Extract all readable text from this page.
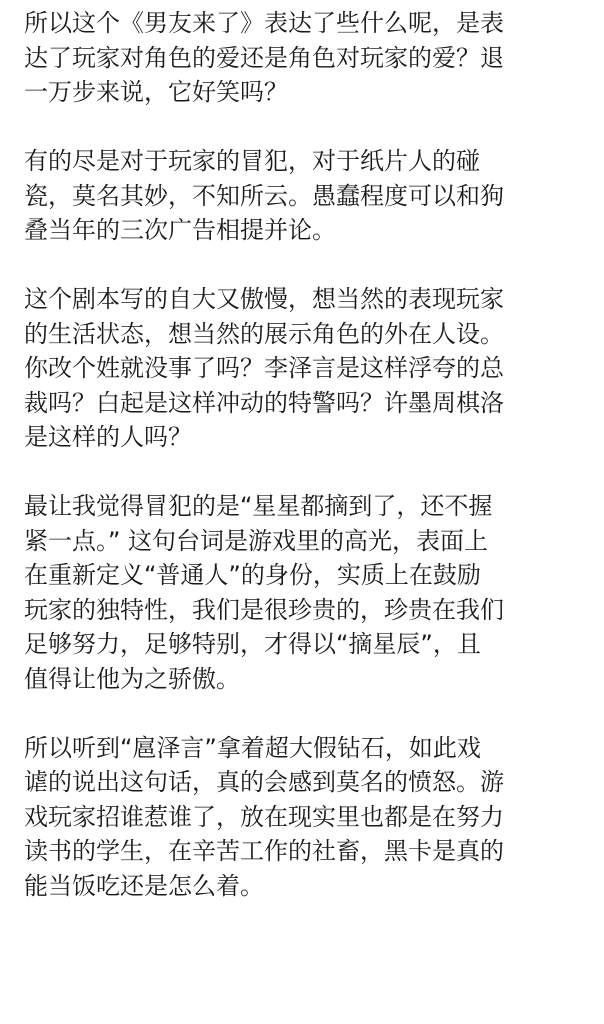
所以这个《男友来了》表达了些什么呢，是表
达了玩家对角色的爱还是角色对玩家的爱？退
一万步来说，它好笑吗？
有的尽是对于玩家的冒犯，对于纸片人的碰
瓷，莫名其妙，不知所云。愚蠢程度可以和狗
叠当年的三次广告相提并论。
这个剧本写的自大又傲慢，想当然的表现玩家
的生活状态，想当然的展示角色的外在人设。
你改个姓就没事了吗？李泽言是这样浮夸的总
裁吗？白起是这样冲动的特警吗？许墨周棋洛
是这样的人吗？
最让我觉得冒犯的是“星星都摘到了，还不握
紧一点。” 这句台词是游戏里的高光，表面上
在重新定义“普通人”的身份，实质上在鼓励
玩家的独特性，我们是很珍贵的，珍贵在我们
足够努力，足够特别，才得以“摘星辰”，且
值得让他为之骄傲。
所以听到“扈泽言”拿着超大假钻石，如此戏
谑的说出这句话，真的会感到莫名的愤怒。游
戏玩家招谁惹谁了，放在现实里也都是在努力
读书的学生，在辛苦工作的社畜，黑卡是真的
能当饭吃还是怎么着。
